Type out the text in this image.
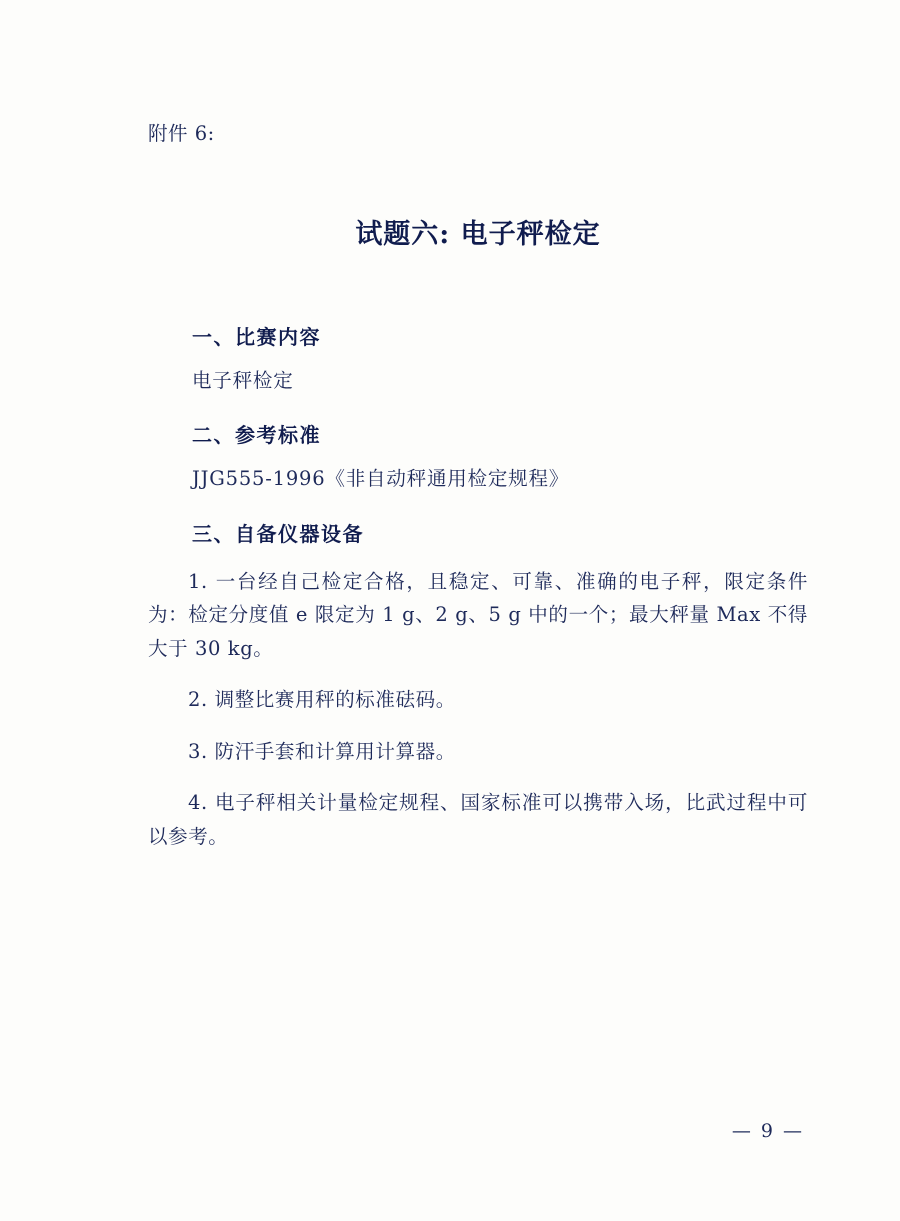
附件 6:
试题六: 电子秤检定
一、比赛内容
电子秤检定
二、参考标准
JJG555-1996《非自动秤通用检定规程》
三、自备仪器设备
1. 一台经自己检定合格，且稳定、可靠、准确的电子秤，限定条件为：检定分度值 e 限定为 1 g、2 g、5 g 中的一个；最大秤量 Max 不得大于 30 kg。
2. 调整比赛用秤的标准砝码。
3. 防汗手套和计算用计算器。
4. 电子秤相关计量检定规程、国家标准可以携带入场，比武过程中可以参考。
— 9 —
